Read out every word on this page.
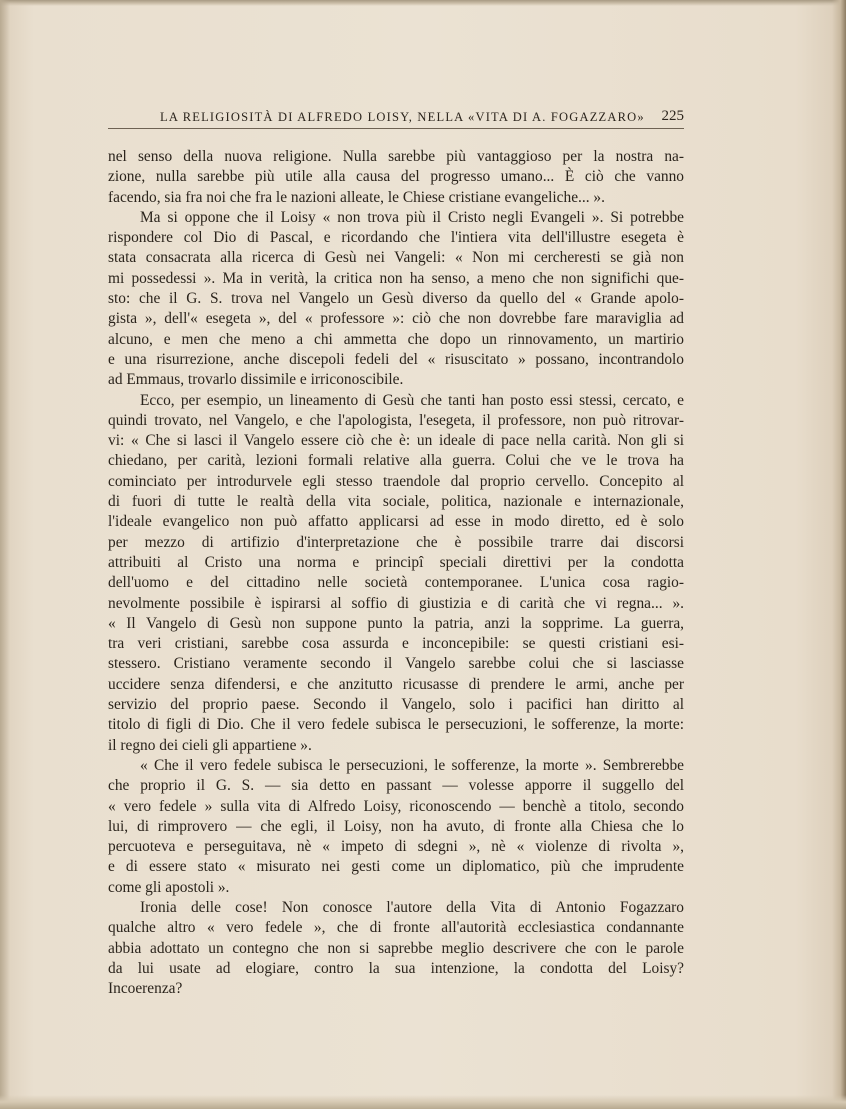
LA RELIGIOSITÀ DI ALFREDO LOISY, NELLA «VITA DI A. FOGAZZARO» 225
nel senso della nuova religione. Nulla sarebbe più vantaggioso per la nostra na-
zione, nulla sarebbe più utile alla causa del progresso umano... È ciò che vanno
facendo, sia fra noi che fra le nazioni alleate, le Chiese cristiane evangeliche... ».
Ma si oppone che il Loisy « non trova più il Cristo negli Evangeli ». Si potrebbe
rispondere col Dio di Pascal, e ricordando che l'intiera vita dell'illustre esegeta è
stata consacrata alla ricerca di Gesù nei Vangeli: « Non mi cercheresti se già non
mi possedessi ». Ma in verità, la critica non ha senso, a meno che non significhi que-
sto: che il G. S. trova nel Vangelo un Gesù diverso da quello del « Grande apolo-
gista », dell'« esegeta », del « professore »: ciò che non dovrebbe fare maraviglia ad
alcuno, e men che meno a chi ammetta che dopo un rinnovamento, un martirio
e una risurrezione, anche discepoli fedeli del « risuscitato » possano, incontrandolo
ad Emmaus, trovarlo dissimile e irriconoscibile.
Ecco, per esempio, un lineamento di Gesù che tanti han posto essi stessi, cercato, e
quindi trovato, nel Vangelo, e che l'apologista, l'esegeta, il professore, non può ritrovar-
vi: « Che si lasci il Vangelo essere ciò che è: un ideale di pace nella carità. Non gli si
chiedano, per carità, lezioni formali relative alla guerra. Colui che ve le trova ha
cominciato per introdurvele egli stesso traendole dal proprio cervello. Concepito al
di fuori di tutte le realtà della vita sociale, politica, nazionale e internazionale,
l'ideale evangelico non può affatto applicarsi ad esse in modo diretto, ed è solo
per mezzo di artifizio d'interpretazione che è possibile trarre dai discorsi
attribuiti al Cristo una norma e principî speciali direttivi per la condotta
dell'uomo e del cittadino nelle società contemporanee. L'unica cosa ragio-
nevolmente possibile è ispirarsi al soffio di giustizia e di carità che vi regna... ».
« Il Vangelo di Gesù non suppone punto la patria, anzi la sopprime. La guerra,
tra veri cristiani, sarebbe cosa assurda e inconcepibile: se questi cristiani esi-
stessero. Cristiano veramente secondo il Vangelo sarebbe colui che si lasciasse
uccidere senza difendersi, e che anzitutto ricusasse di prendere le armi, anche per
servizio del proprio paese. Secondo il Vangelo, solo i pacifici han diritto al
titolo di figli di Dio. Che il vero fedele subisca le persecuzioni, le sofferenze, la morte:
il regno dei cieli gli appartiene ».
« Che il vero fedele subisca le persecuzioni, le sofferenze, la morte ». Sembrerebbe
che proprio il G. S. — sia detto en passant — volesse apporre il suggello del
« vero fedele » sulla vita di Alfredo Loisy, riconoscendo — benchè a titolo, secondo
lui, di rimprovero — che egli, il Loisy, non ha avuto, di fronte alla Chiesa che lo
percuoteva e perseguitava, nè « impeto di sdegni », nè « violenze di rivolta »,
e di essere stato « misurato nei gesti come un diplomatico, più che imprudente
come gli apostoli ».
Ironia delle cose! Non conosce l'autore della Vita di Antonio Fogazzaro
qualche altro « vero fedele », che di fronte all'autorità ecclesiastica condannante
abbia adottato un contegno che non si saprebbe meglio descrivere che con le parole
da lui usate ad elogiare, contro la sua intenzione, la condotta del Loisy?
Incoerenza?
